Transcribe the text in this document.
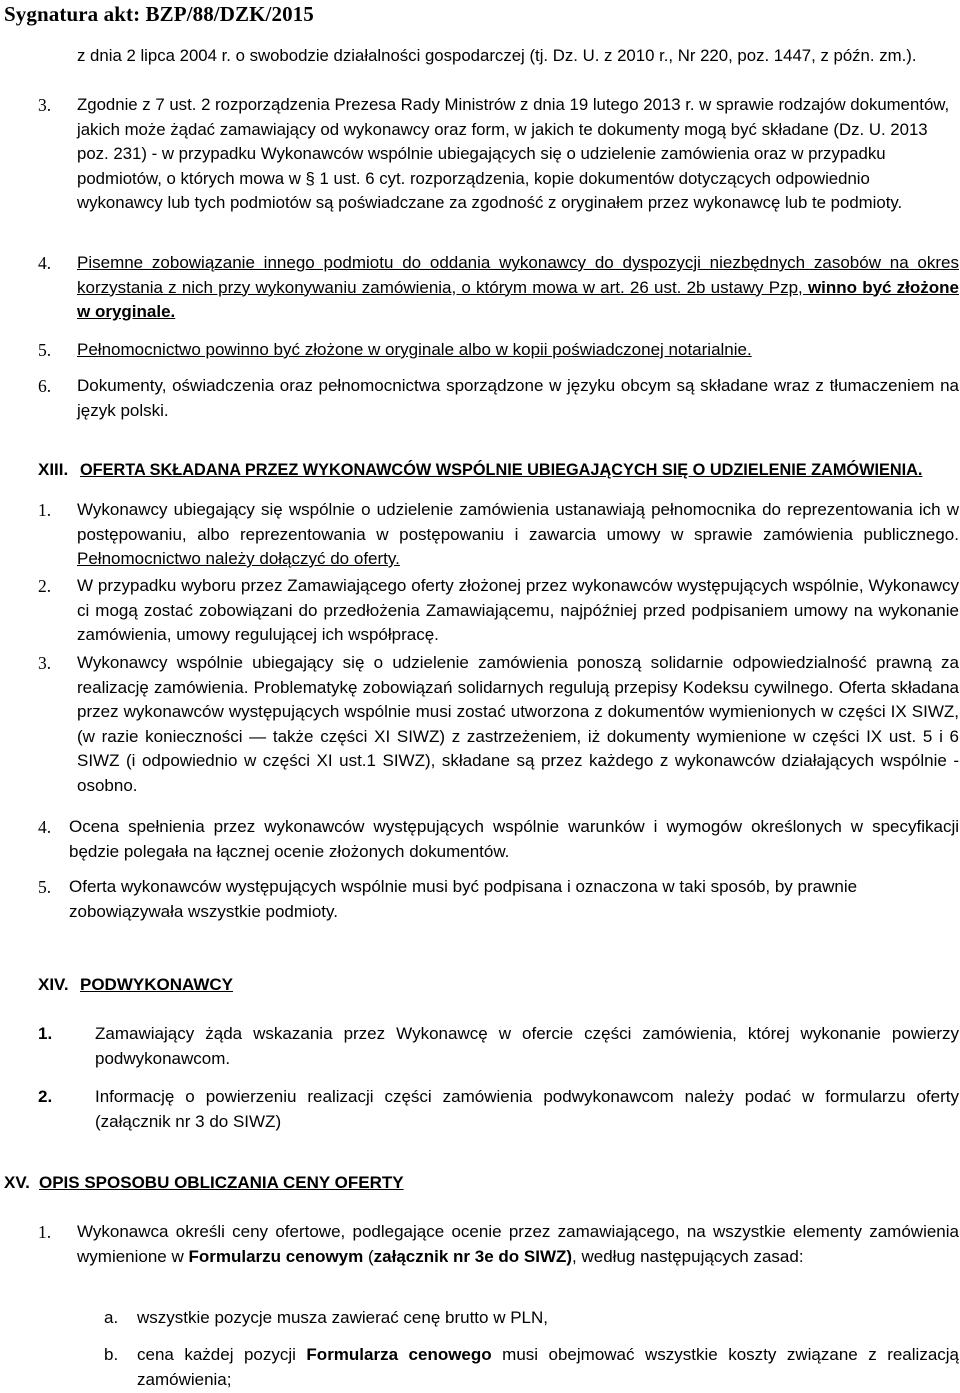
Sygnatura akt: BZP/88/DZK/2015
z dnia 2 lipca 2004 r. o swobodzie działalności gospodarczej (tj. Dz. U. z 2010 r., Nr 220, poz. 1447, z późn. zm.).
3. Zgodnie z 7 ust. 2 rozporządzenia Prezesa Rady Ministrów z dnia 19 lutego 2013 r. w sprawie rodzajów dokumentów, jakich może żądać zamawiający od wykonawcy oraz form, w jakich te dokumenty mogą być składane (Dz. U. 2013 poz. 231) - w przypadku Wykonawców wspólnie ubiegających się o udzielenie zamówienia oraz w przypadku podmiotów, o których mowa w § 1 ust. 6 cyt. rozporządzenia, kopie dokumentów dotyczących odpowiednio wykonawcy lub tych podmiotów są poświadczane za zgodność z oryginałem przez wykonawcę lub te podmioty.
4. Pisemne zobowiązanie innego podmiotu do oddania wykonawcy do dyspozycji niezbędnych zasobów na okres korzystania z nich przy wykonywaniu zamówienia, o którym mowa w art. 26 ust. 2b ustawy Pzp, winno być złożone w oryginale.
5. Pełnomocnictwo powinno być złożone w oryginale albo w kopii poświadczonej notarialnie.
6. Dokumenty, oświadczenia oraz pełnomocnictwa sporządzone w języku obcym są składane wraz z tłumaczeniem na język polski.
XIII. OFERTA SKŁADANA PRZEZ WYKONAWCÓW WSPÓLNIE UBIEGAJĄCYCH SIĘ O UDZIELENIE ZAMÓWIENIA.
1. Wykonawcy ubiegający się wspólnie o udzielenie zamówienia ustanawiają pełnomocnika do reprezentowania ich w postępowaniu, albo reprezentowania w postępowaniu i zawarcia umowy w sprawie zamówienia publicznego. Pełnomocnictwo należy dołączyć do oferty.
2. W przypadku wyboru przez Zamawiającego oferty złożonej przez wykonawców występujących wspólnie, Wykonawcy ci mogą zostać zobowiązani do przedłożenia Zamawiającemu, najpóźniej przed podpisaniem umowy na wykonanie zamówienia, umowy regulującej ich współpracę.
3. Wykonawcy wspólnie ubiegający się o udzielenie zamówienia ponoszą solidarnie odpowiedzialność prawną za realizację zamówienia. Problematykę zobowiązań solidarnych regulują przepisy Kodeksu cywilnego. Oferta składana przez wykonawców występujących wspólnie musi zostać utworzona z dokumentów wymienionych w części IX SIWZ, (w razie konieczności — także części XI SIWZ) z zastrzeżeniem, iż dokumenty wymienione w części IX ust. 5 i 6 SIWZ (i odpowiednio w części XI ust.1 SIWZ), składane są przez każdego z wykonawców działających wspólnie - osobno.
4. Ocena spełnienia przez wykonawców występujących wspólnie warunków i wymogów określonych w specyfikacji będzie polegała na łącznej ocenie złożonych dokumentów.
5. Oferta wykonawców występujących wspólnie musi być podpisana i oznaczona w taki sposób, by prawnie zobowiązywała wszystkie podmioty.
XIV. PODWYKONAWCY
1.	Zamawiający żąda wskazania przez Wykonawcę w ofercie części zamówienia, której wykonanie powierzy podwykonawcom.
2.	Informację o powierzeniu realizacji części zamówienia podwykonawcom należy podać w formularzu oferty (załącznik nr 3 do SIWZ)
XV. OPIS SPOSOBU OBLICZANIA CENY OFERTY
1. Wykonawca określi ceny ofertowe, podlegające ocenie przez zamawiającego, na wszystkie elementy zamówienia wymienione w Formularzu cenowym (załącznik nr 3e do SIWZ), według następujących zasad:
a. wszystkie pozycje musza zawierać cenę brutto w PLN,
b. cena każdej pozycji Formularza cenowego musi obejmować wszystkie koszty związane z realizacją zamówienia;
